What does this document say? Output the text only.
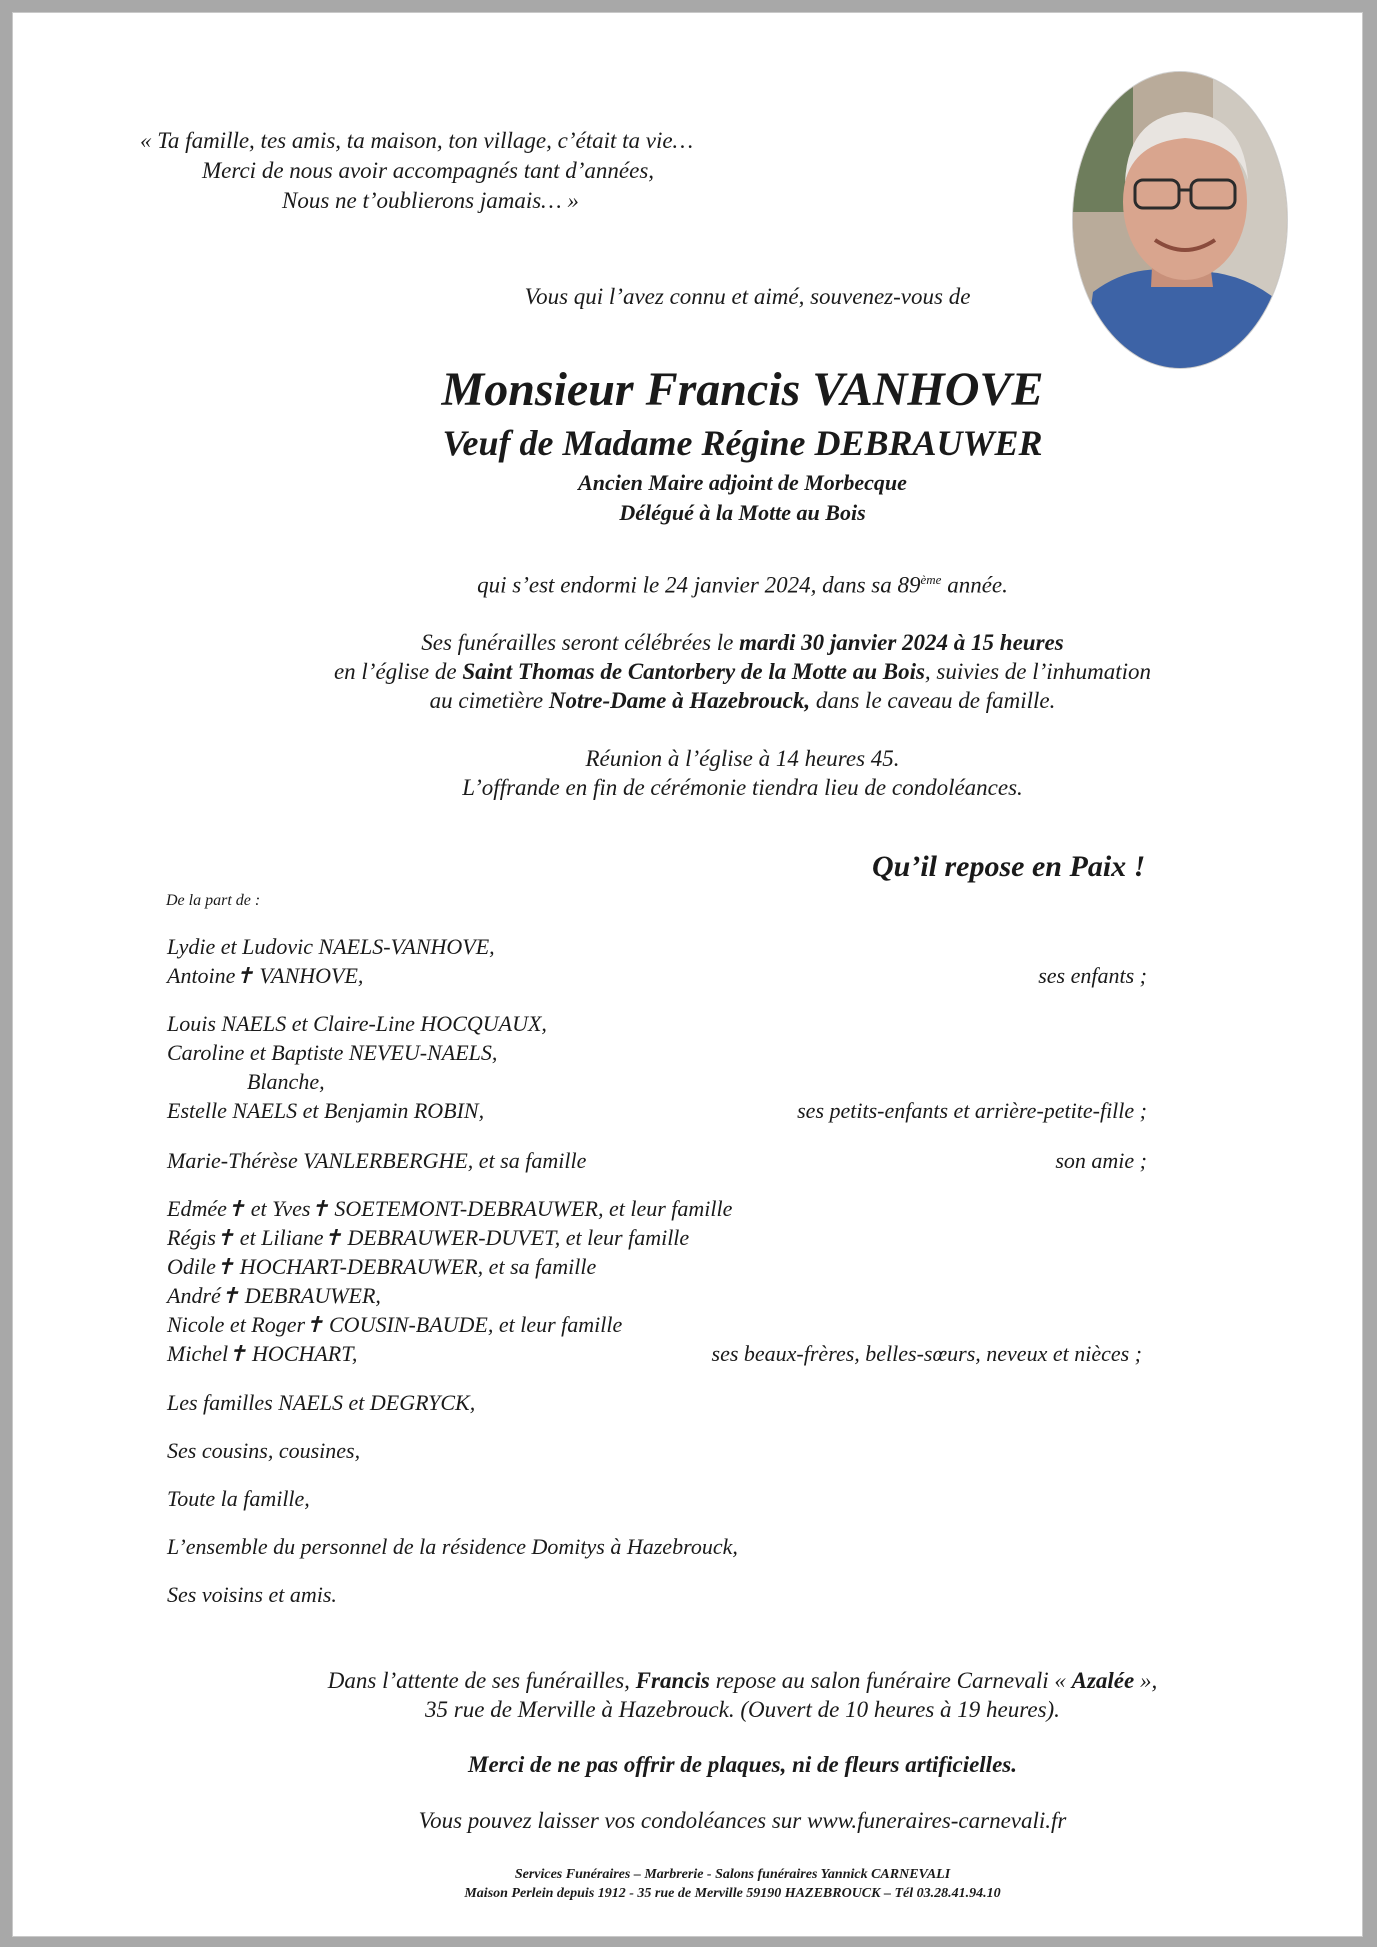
« Ta famille, tes amis, ta maison, ton village, c’était ta vie…
Merci de nous avoir accompagnés tant d’années,
Nous ne t’oublierons jamais… »
Vous qui l’avez connu et aimé, souvenez-vous de
Monsieur Francis VANHOVE
Veuf de Madame Régine DEBRAUWER
Ancien Maire adjoint de Morbecque
Délégué à la Motte au Bois
qui s’est endormi le 24 janvier 2024, dans sa 89ème année.
Ses funérailles seront célébrées le mardi 30 janvier 2024 à 15 heures
en l’église de Saint Thomas de Cantorbery de la Motte au Bois, suivies de l’inhumation
au cimetière Notre-Dame à Hazebrouck, dans le caveau de famille.
Réunion à l’église à 14 heures 45.
L’offrande en fin de cérémonie tiendra lieu de condoléances.
Qu’il repose en Paix !
De la part de :
Lydie et Ludovic NAELS-VANHOVE,
Antoine✝ VANHOVE,	ses enfants ;
Louis NAELS et Claire-Line HOCQUAUX,
Caroline et Baptiste NEVEU-NAELS,
Blanche,
Estelle NAELS et Benjamin ROBIN,	ses petits-enfants et arrière-petite-fille ;
Marie-Thérèse VANLERBERGHE, et sa famille	son amie ;
Edmée✝ et Yves✝ SOETEMONT-DEBRAUWER, et leur famille
Régis✝ et Liliane✝ DEBRAUWER-DUVET, et leur famille
Odile✝ HOCHART-DEBRAUWER, et sa famille
André✝ DEBRAUWER,
Nicole et Roger✝ COUSIN-BAUDE, et leur famille
Michel✝ HOCHART,	ses beaux-frères, belles-sœurs, neveux et nièces ;
Les familles NAELS et DEGRYCK,
Ses cousins, cousines,
Toute la famille,
L’ensemble du personnel de la résidence Domitys à Hazebrouck,
Ses voisins et amis.
Dans l’attente de ses funérailles, Francis repose au salon funéraire Carnevali « Azalée »,
35 rue de Merville à Hazebrouck. (Ouvert de 10 heures à 19 heures).
Merci de ne pas offrir de plaques, ni de fleurs artificielles.
Vous pouvez laisser vos condoléances sur www.funeraires-carnevali.fr
Services Funéraires – Marbrerie - Salons funéraires Yannick CARNEVALI
Maison Perlein depuis 1912 - 35 rue de Merville 59190 HAZEBROUCK – Tél 03.28.41.94.10
